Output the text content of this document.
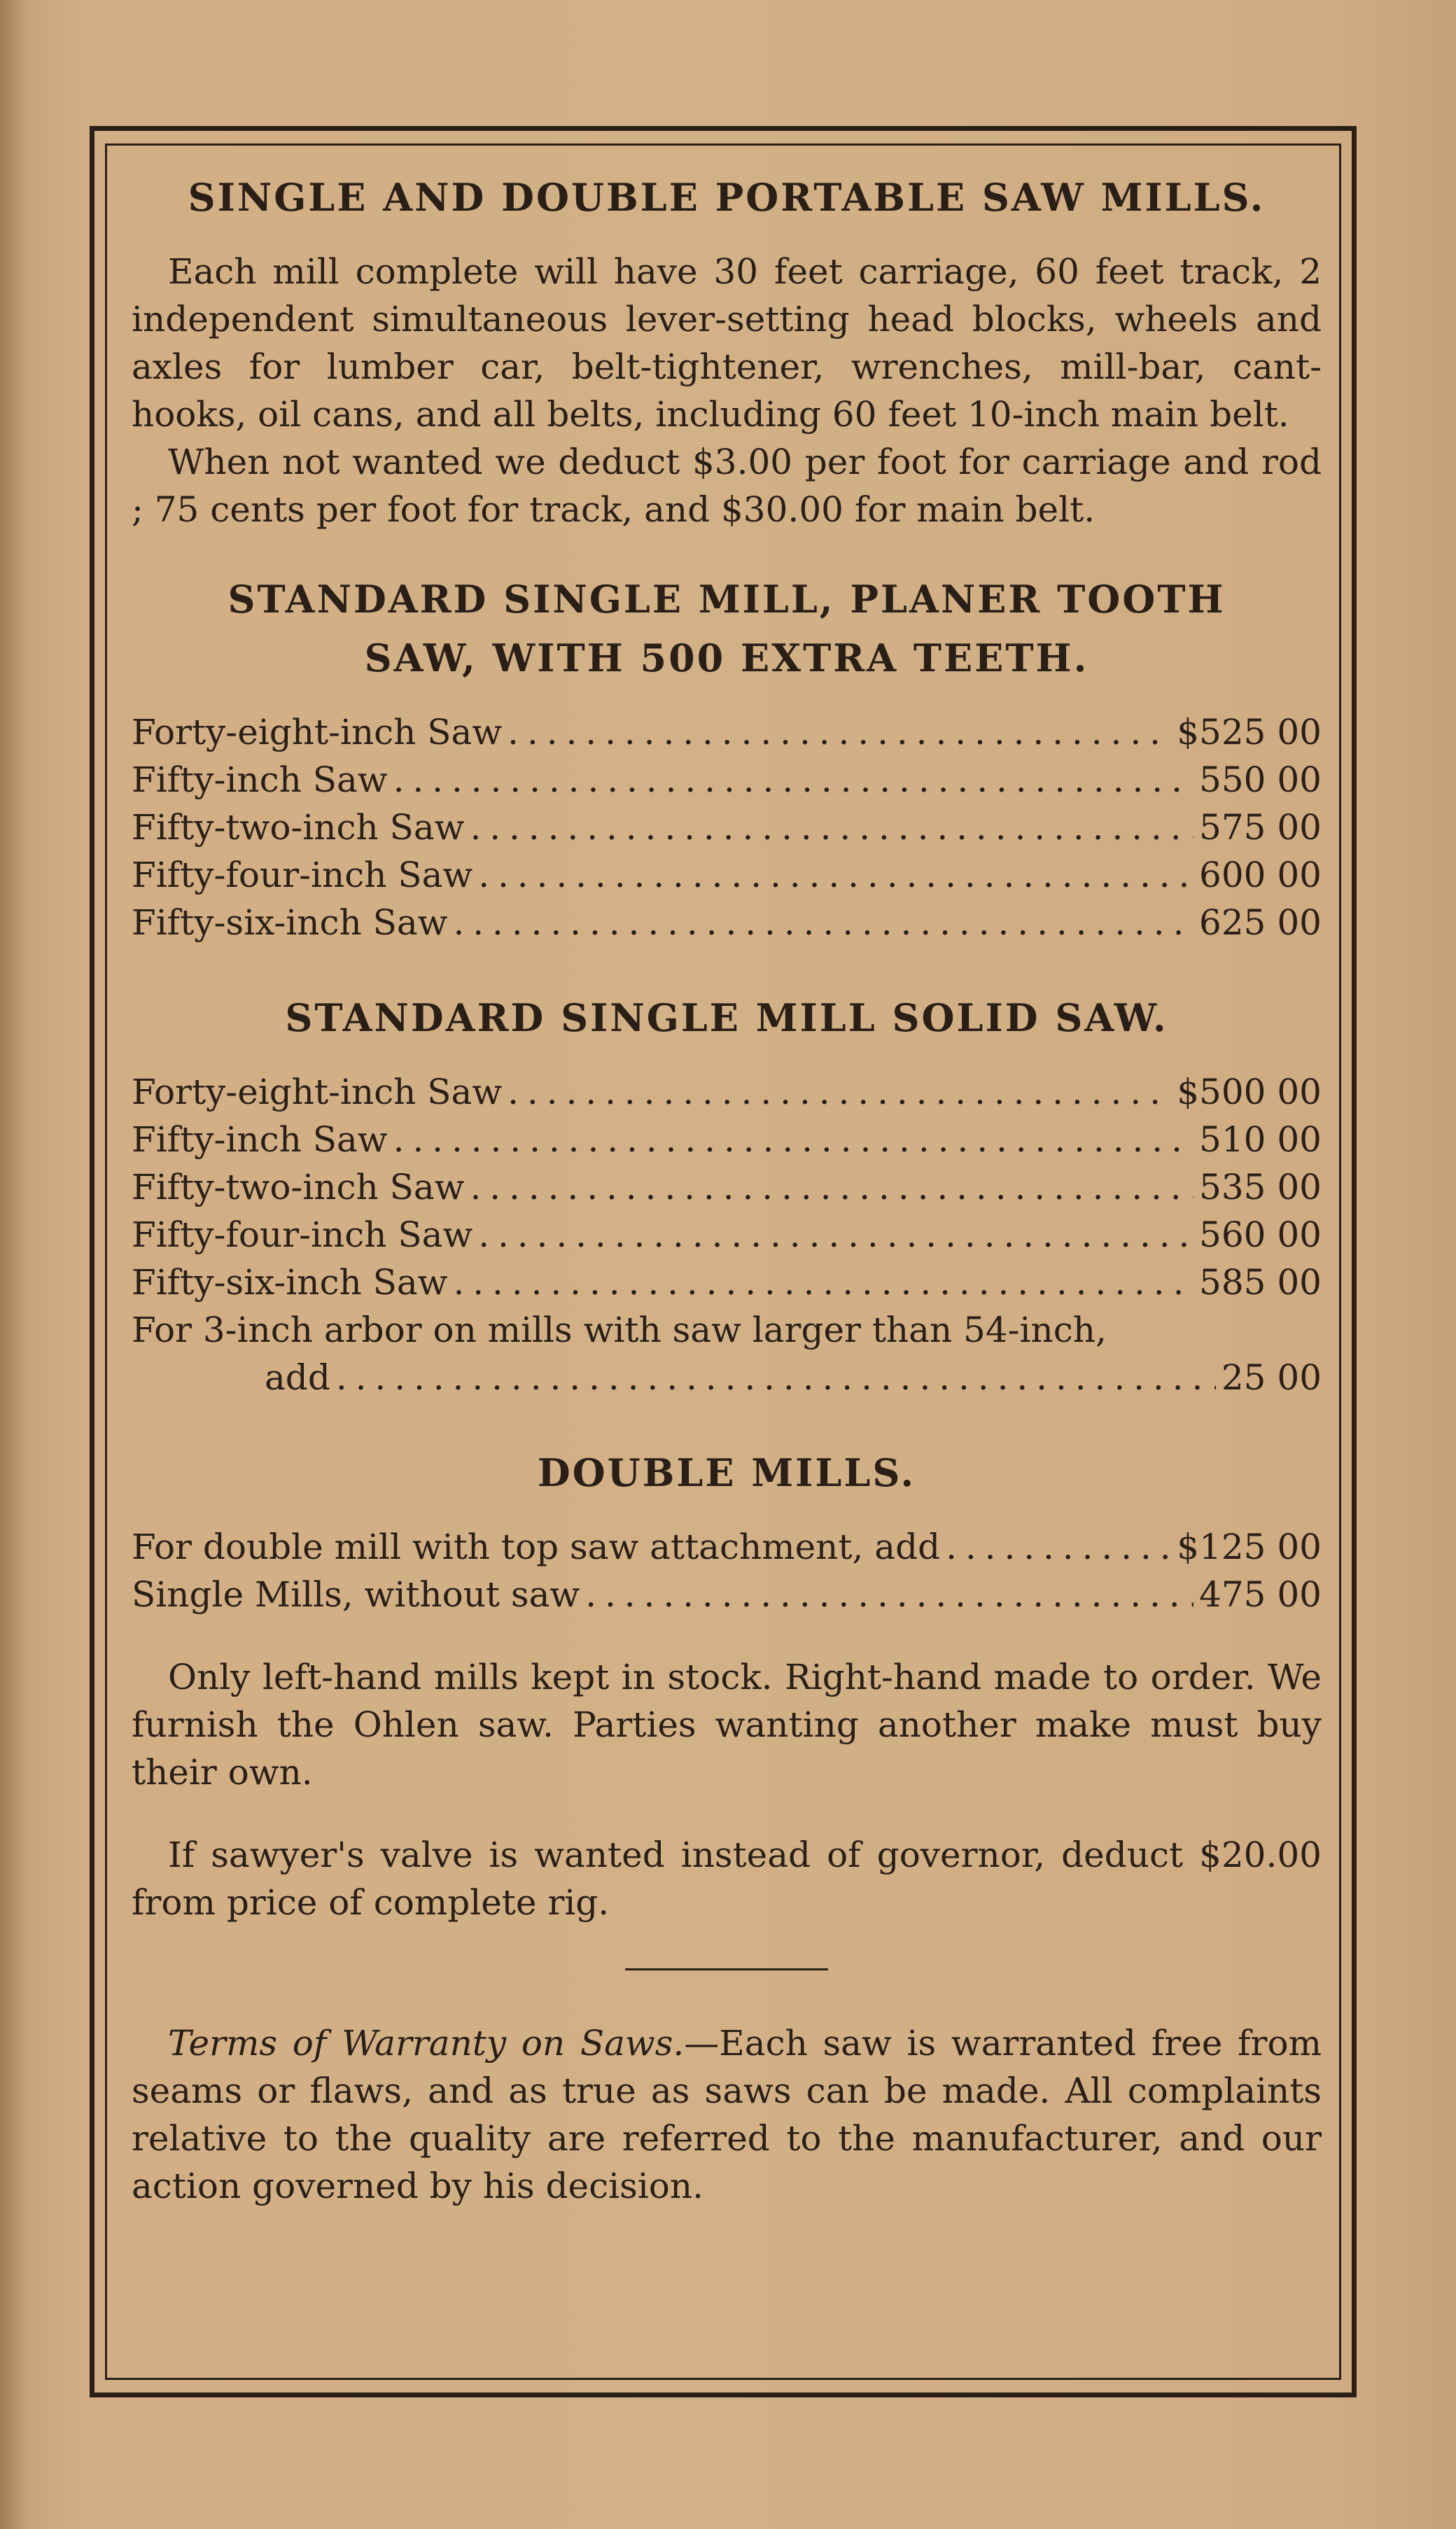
SINGLE AND DOUBLE PORTABLE SAW MILLS.

Each mill complete will have 30 feet carriage, 60 feet track, 2 independent simultaneous lever-setting head blocks, wheels and axles for lumber car, belt-tightener, wrenches, mill-bar, cant-hooks, oil cans, and all belts, including 60 feet 10-inch main belt.

When not wanted we deduct $3.00 per foot for carriage and rod ; 75 cents per foot for track, and $30.00 for main belt.

STANDARD SINGLE MILL, PLANER TOOTH
SAW, WITH 500 EXTRA TEETH.
Forty-eight-inch Saw . . .	$525 00
Fifty-inch Saw . . .	550 00
Fifty-two-inch Saw . . .	575 00
Fifty-four-inch Saw . . .	600 00
Fifty-six-inch Saw . . .	625 00
STANDARD SINGLE MILL SOLID SAW.
Forty-eight-inch Saw . . .	$500 00
Fifty-inch Saw . . .	510 00
Fifty-two-inch Saw . . .	535 00
Fifty-four-inch Saw . . .	560 00
Fifty-six-inch Saw . . .	585 00
For 3-inch arbor on mills with saw larger than 54-inch,
add . . .	25 00
DOUBLE MILLS.
For double mill with top saw attachment, add . . .	$125 00
Single Mills, without saw . . .	475 00

Only left-hand mills kept in stock. Right-hand made to order. We furnish the Ohlen saw. Parties wanting another make must buy their own.

If sawyer's valve is wanted instead of governor, deduct $20.00 from price of complete rig.

Terms of Warranty on Saws.—Each saw is warranted free from seams or flaws, and as true as saws can be made. All complaints relative to the quality are referred to the manufacturer, and our action governed by his decision.
